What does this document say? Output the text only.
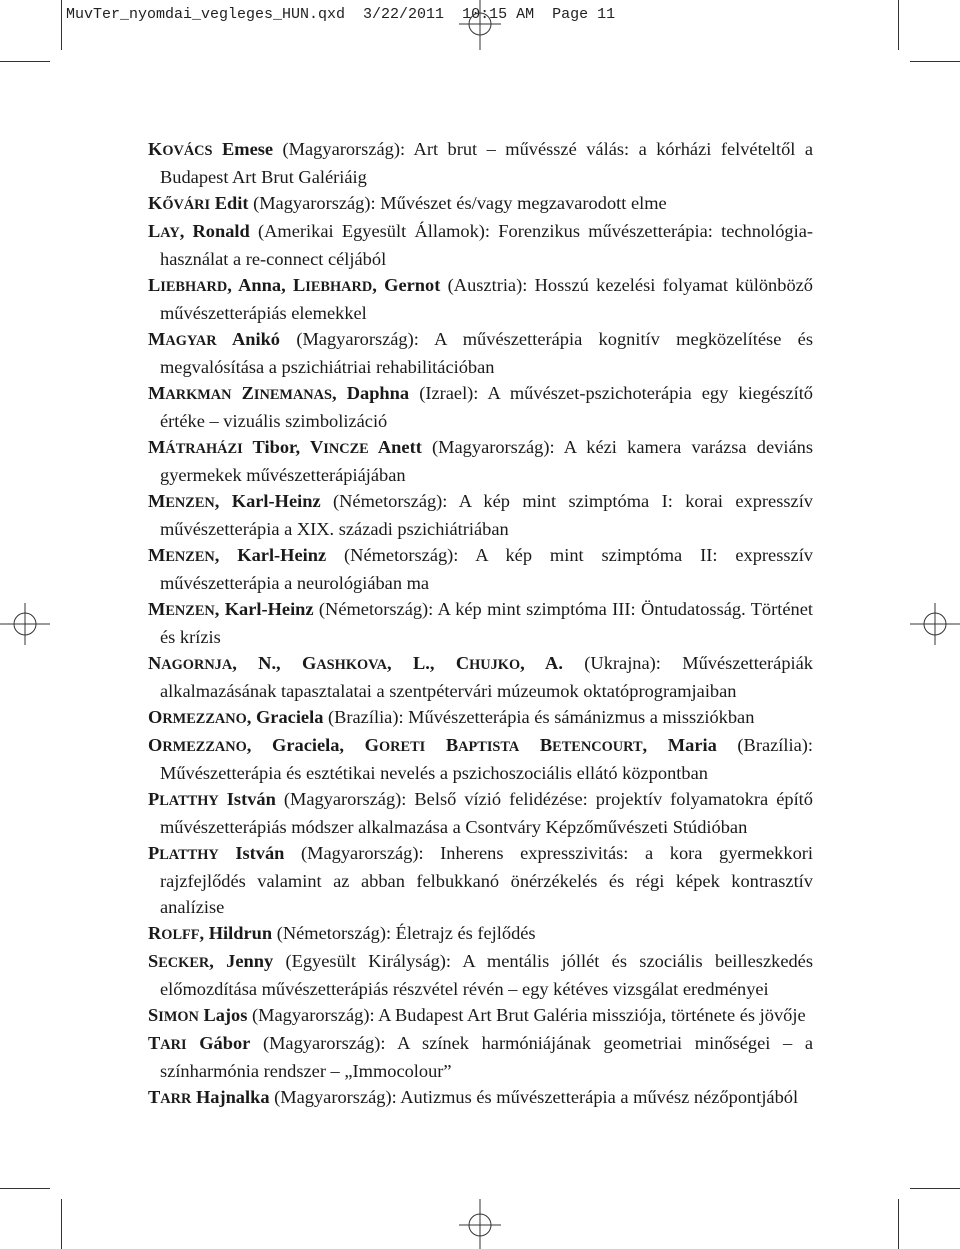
MuvTer_nyomdai_vegleges_HUN.qxd  3/22/2011  10:15 AM  Page 11
KOVÁCS Emese (Magyarország): Art brut – művésszé válás: a kórházi felvételtől a Budapest Art Brut Galériáig
KŐVÁRI Edit (Magyarország): Művészet és/vagy megzavarodott elme
LAY, Ronald (Amerikai Egyesült Államok): Forenzikus művészetterápia: technológia-használat a re-connect céljából
LIEBHARD, Anna, LIEBHARD, Gernot (Ausztria): Hosszú kezelési folyamat különböző művészetterápiás elemekkel
MAGYAR Anikó (Magyarország): A művészetterápia kognitív megközelítése és megvalósítása a pszichiátriai rehabilitációban
MARKMAN ZINEMANAS, Daphna (Izrael): A művészet-pszichoterápia egy kiegészítő értéke – vizuális szimbolizáció
MÁTRAHÁZI Tibor, VINCZE Anett (Magyarország): A kézi kamera varázsa deviáns gyermekek művészetterápiájában
MENZEN, Karl-Heinz (Németország): A kép mint szimptóma I: korai expresszív művészetterápia a XIX. századi pszichiátriában
MENZEN, Karl-Heinz (Németország): A kép mint szimptóma II: expresszív művészetterápia a neurológiában ma
MENZEN, Karl-Heinz (Németország): A kép mint szimptóma III: Öntudatosság. Történet és krízis
NAGORNJA, N., GASHKOVA, L., CHUJKO, A. (Ukrajna): Művészetterápiák alkalmazásának tapasztalatai a szentpétervári múzeumok oktatóprogramjaiban
ORMEZZANO, Graciela (Brazília): Művészetterápia és sámánizmus a missziókban
ORMEZZANO, Graciela, GORETI BAPTISTA BETENCOURT, Maria (Brazília): Művészetterápia és esztétikai nevelés a pszichoszociális ellátó központban
PLATTHY István (Magyarország): Belső vízió felidézése: projektív folyamatokra építő művészetterápiás módszer alkalmazása a Csontváry Képzőművészeti Stúdióban
PLATTHY István (Magyarország): Inherens expresszivitás: a kora gyermekkori rajzfejlődés valamint az abban felbukkanó önérzékelés és régi képek kontrasztív analízise
ROLFF, Hildrun (Németország): Életrajz és fejlődés
SECKER, Jenny (Egyesült Királyság): A mentális jóllét és szociális beilleszkedés előmozdítása művészetterápiás részvétel révén – egy kétéves vizsgálat eredményei
SIMON Lajos (Magyarország): A Budapest Art Brut Galéria missziója, története és jövője
TARI Gábor (Magyarország): A színek harmóniájának geometriai minőségei – a színharmónia rendszer – „Immocolour”
TARR Hajnalka (Magyarország): Autizmus és művészetterápia a művész nézőpontjából
